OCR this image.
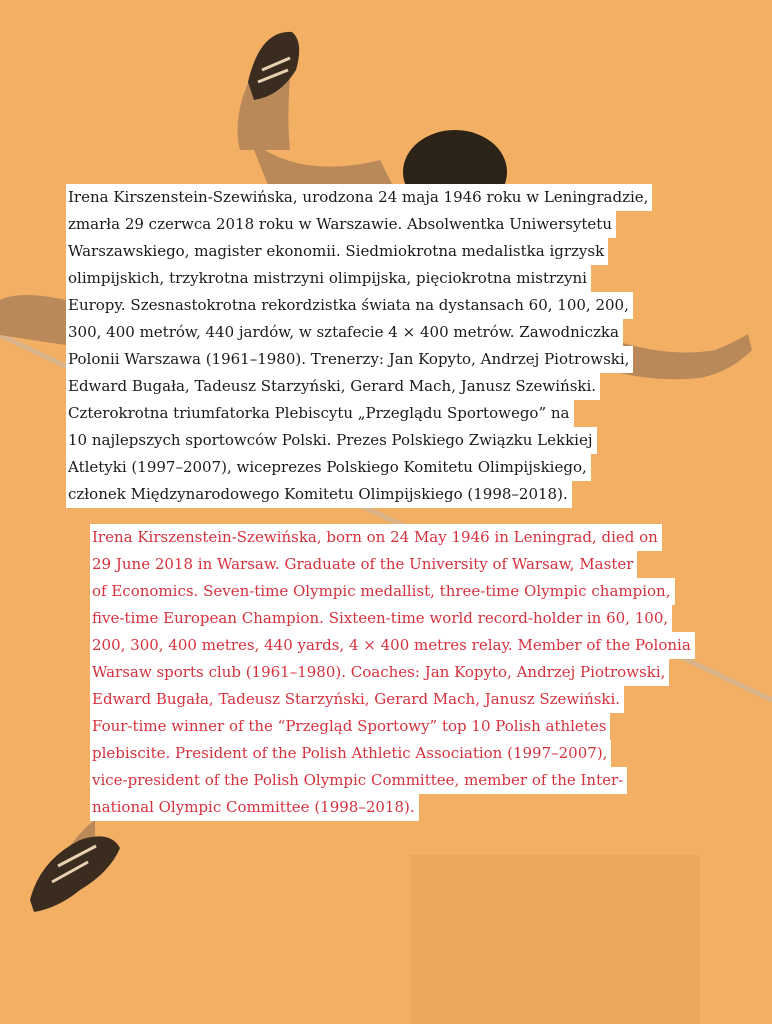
Irena Kirszenstein-Szewińska, urodzona 24 maja 1946 roku w Leningradzie,
zmarła 29 czerwca 2018 roku w Warszawie. Absolwentka Uniwersytetu
Warszawskiego, magister ekonomii. Siedmiokrotna medalistka igrzysk
olimpijskich, trzykrotna mistrzyni olimpijska, pięciokrotna mistrzyni
Europy. Szesnastokrotna rekordzistka świata na dystansach 60, 100, 200,
300, 400 metrów, 440 jardów, w sztafecie 4 × 400 metrów. Zawodniczka
Polonii Warszawa (1961–1980). Trenerzy: Jan Kopyto, Andrzej Piotrowski,
Edward Bugała, Tadeusz Starzyński, Gerard Mach, Janusz Szewiński.
Czterokrotna triumfatorka Plebiscytu „Przeglądu Sportowego” na
10 najlepszych sportowców Polski. Prezes Polskiego Związku Lekkiej
Atletyki (1997–2007), wiceprezes Polskiego Komitetu Olimpijskiego,
członek Międzynarodowego Komitetu Olimpijskiego (1998–2018).
Irena Kirszenstein-Szewińska, born on 24 May 1946 in Leningrad, died on
29 June 2018 in Warsaw. Graduate of the University of Warsaw, Master
of Economics. Seven-time Olympic medallist, three-time Olympic champion,
five-time European Champion. Sixteen-time world record-holder in 60, 100,
200, 300, 400 metres, 440 yards, 4 × 400 metres relay. Member of the Polonia
Warsaw sports club (1961–1980). Coaches: Jan Kopyto, Andrzej Piotrowski,
Edward Bugała, Tadeusz Starzyński, Gerard Mach, Janusz Szewiński.
Four-time winner of the “Przegląd Sportowy” top 10 Polish athletes
plebiscite. President of the Polish Athletic Association (1997–2007),
vice-president of the Polish Olympic Committee, member of the Inter-
national Olympic Committee (1998–2018).
